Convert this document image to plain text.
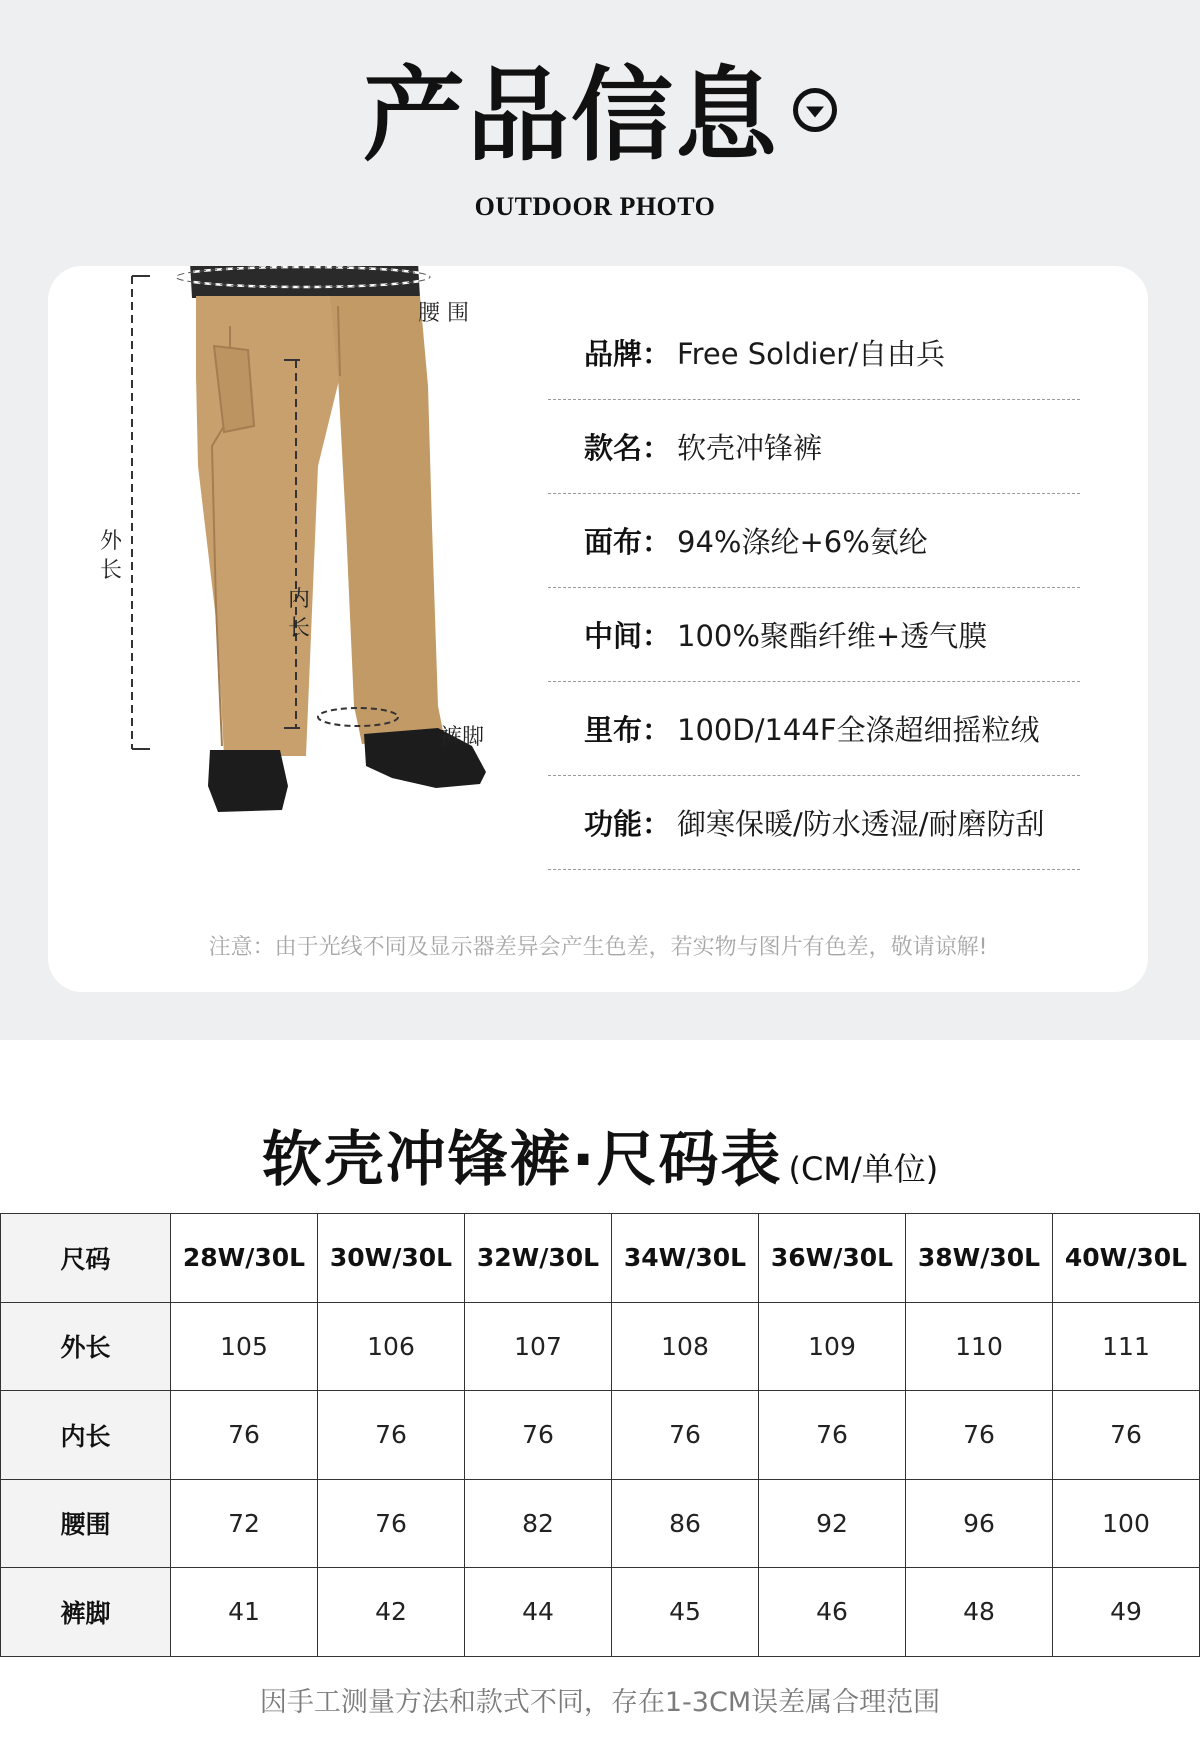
产品信息
OUTDOOR PHOTO
腰 围
外长
内长
裤脚
品牌： Free Soldier/自由兵
款名： 软壳冲锋裤
面布： 94%涤纶+6%氨纶
中间： 100%聚酯纤维+透气膜
里布： 100D/144F全涤超细摇粒绒
功能： 御寒保暖/防水透湿/耐磨防刮
注意：由于光线不同及显示器差异会产生色差，若实物与图片有色差，敬请谅解!
软壳冲锋裤·尺码表 (CM/单位)
尺码	28W/30L	30W/30L	32W/30L	34W/30L	36W/30L	38W/30L	40W/30L
外长	105	106	107	108	109	110	111
内长	76	76	76	76	76	76	76
腰围	72	76	82	86	92	96	100
裤脚	41	42	44	45	46	48	49
因手工测量方法和款式不同，存在1-3CM误差属合理范围
